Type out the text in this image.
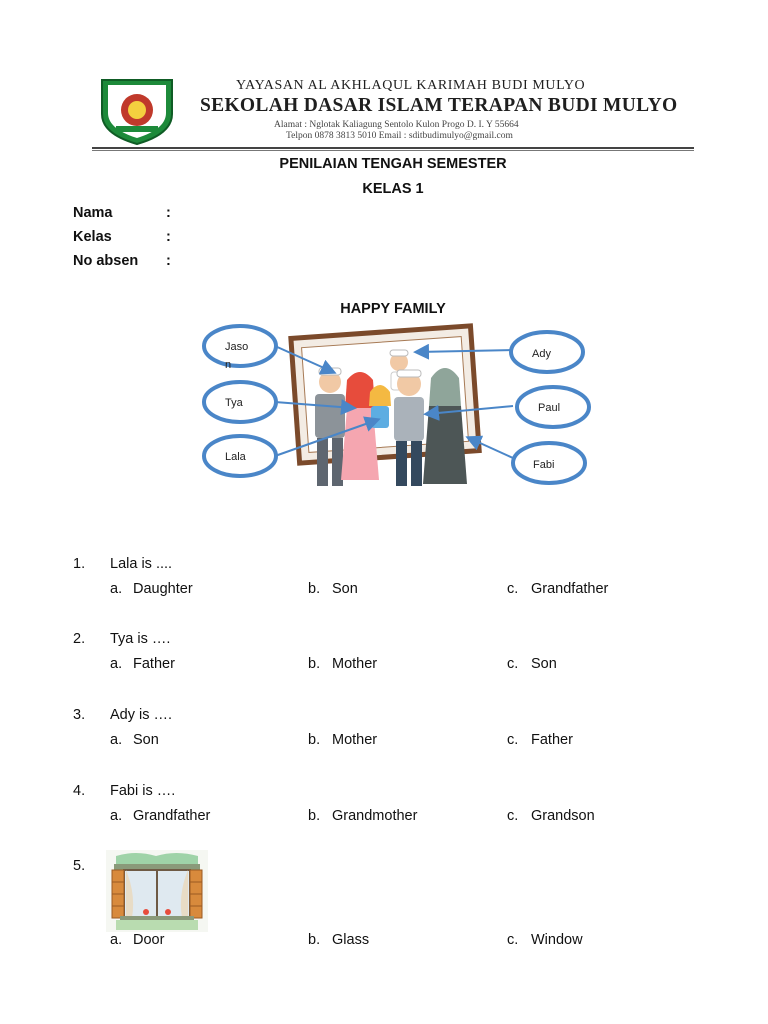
YAYASAN AL AKHLAQUL KARIMAH BUDI MULYO
SEKOLAH DASAR ISLAM TERAPAN BUDI MULYO
Alamat : Nglotak Kaliagung Sentolo Kulon Progo D. I. Y 55664
Telpon 0878 3813 5010 Email : sditbudimulyo@gmail.com
PENILAIAN TENGAH SEMESTER
KELAS 1
Nama	:
Kelas	:
No absen :
HAPPY FAMILY
Jaso
n
Tya
Lala
Ady
Paul
Fabi
1. Lala is ....
a. Daughter	b. Son	c. Grandfather
2. Tya is ….
a. Father	b. Mother	c. Son
3. Ady is ….
a. Son	b. Mother	c. Father
4. Fabi is ….
a. Grandfather	b. Grandmother	c. Grandson
5.
a. Door	b. Glass	c. Window
